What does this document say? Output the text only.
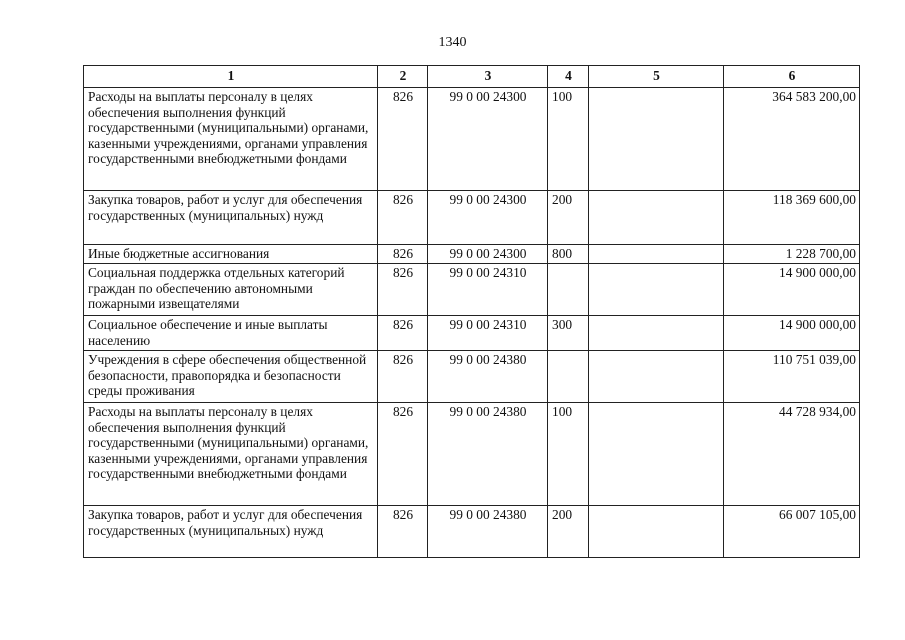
1340
1	2	3	4	5	6
Расходы на выплаты персоналу в целях обеспечения выполнения функций государственными (муниципальными) органами, казенными учреждениями, органами управления государственными внебюджетными фондами	826	99 0 00 24300	100		364 583 200,00
Закупка товаров, работ и услуг для обеспечения государственных (муниципальных) нужд	826	99 0 00 24300	200		118 369 600,00
Иные бюджетные ассигнования	826	99 0 00 24300	800		1 228 700,00
Социальная поддержка отдельных категорий граждан по обеспечению автономными пожарными извещателями	826	99 0 00 24310			14 900 000,00
Социальное обеспечение и иные выплаты населению	826	99 0 00 24310	300		14 900 000,00
Учреждения в сфере обеспечения общественной безопасности, правопорядка и безопасности среды проживания	826	99 0 00 24380			110 751 039,00
Расходы на выплаты персоналу в целях обеспечения выполнения функций государственными (муниципальными) органами, казенными учреждениями, органами управления государственными внебюджетными фондами	826	99 0 00 24380	100		44 728 934,00
Закупка товаров, работ и услуг для обеспечения государственных (муниципальных) нужд	826	99 0 00 24380	200		66 007 105,00
